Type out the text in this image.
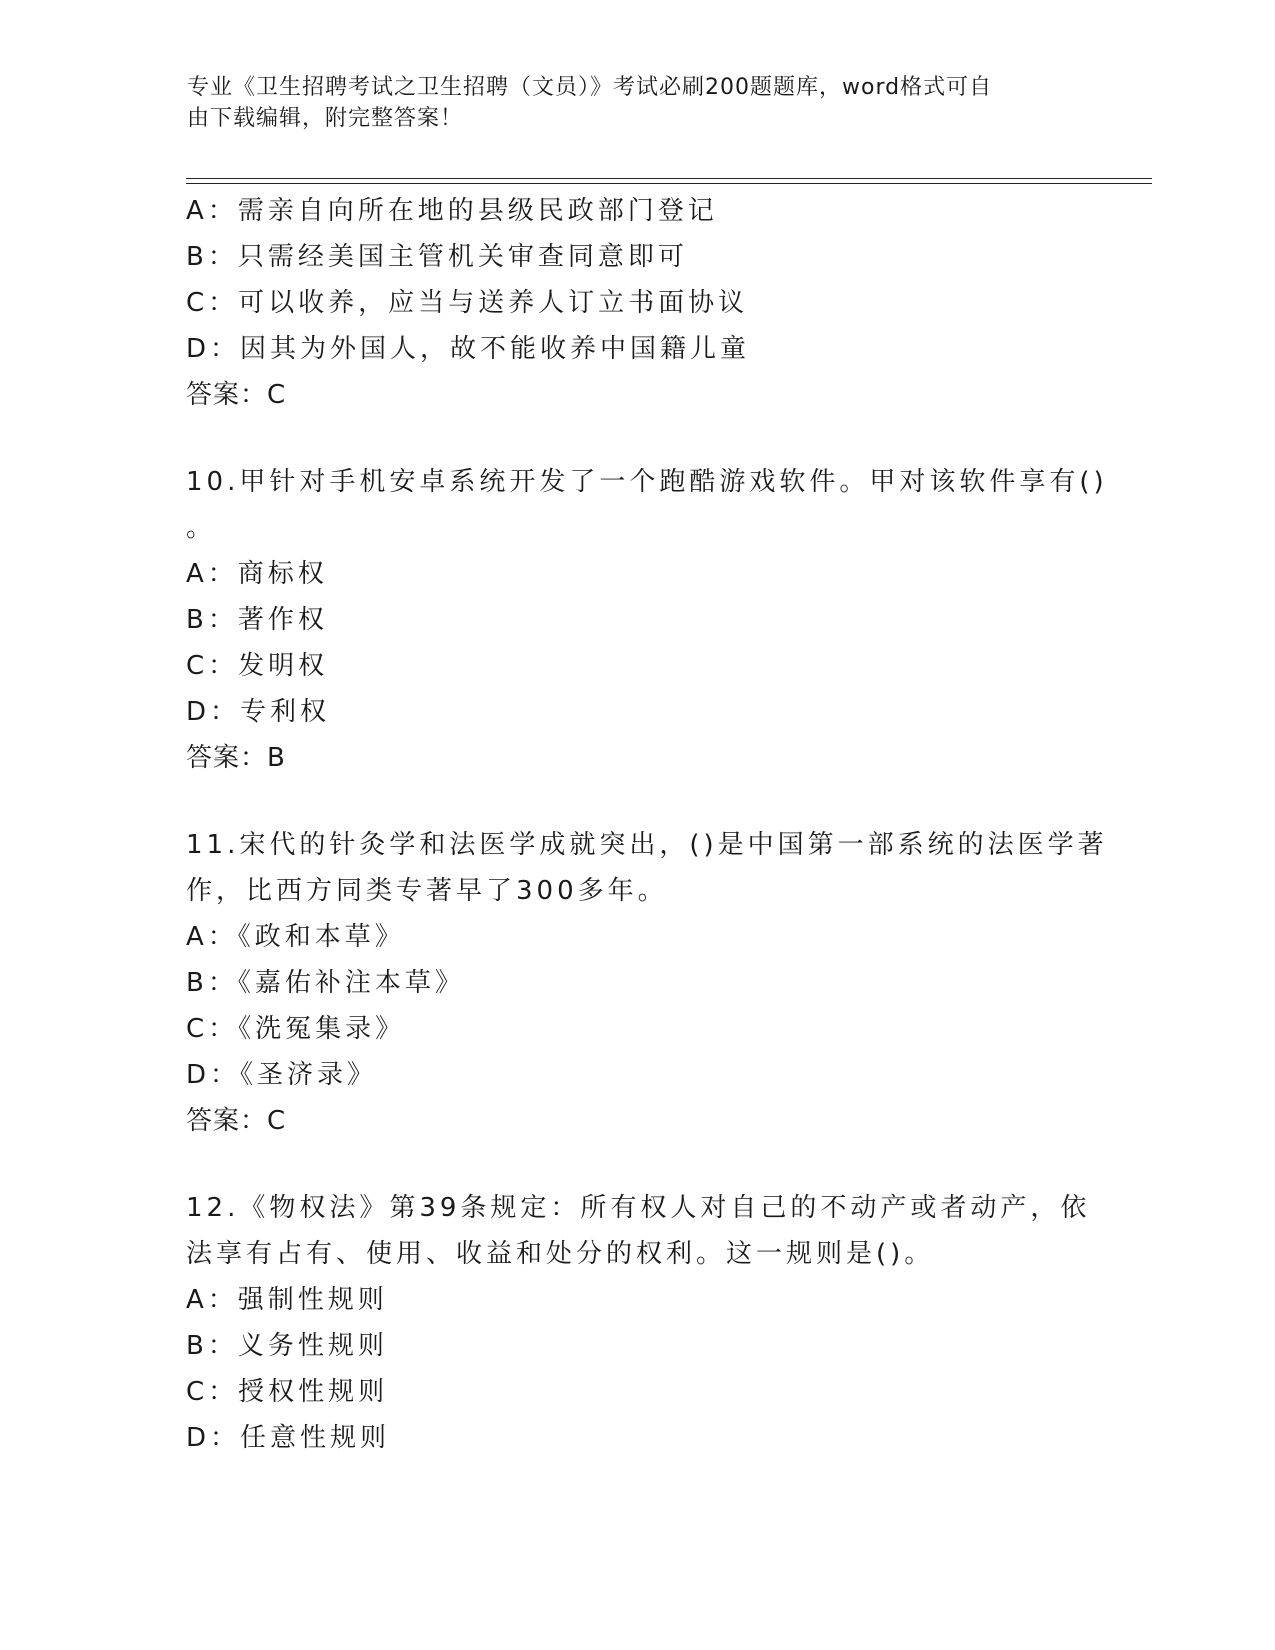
专业《卫生招聘考试之卫生招聘（文员）》考试必刷200题题库，word格式可自
由下载编辑，附完整答案！
A：需亲自向所在地的县级民政部门登记
B：只需经美国主管机关审查同意即可
C：可以收养，应当与送养人订立书面协议
D：因其为外国人，故不能收养中国籍儿童
答案：C
10.甲针对手机安卓系统开发了一个跑酷游戏软件。甲对该软件享有()
。
A：商标权
B：著作权
C：发明权
D：专利权
答案：B
11.宋代的针灸学和法医学成就突出，()是中国第一部系统的法医学著
作，比西方同类专著早了300多年。
A：《政和本草》
B：《嘉佑补注本草》
C：《洗冤集录》
D：《圣济录》
答案：C
12.《物权法》第39条规定：所有权人对自己的不动产或者动产，依
法享有占有、使用、收益和处分的权利。这一规则是()。
A：强制性规则
B：义务性规则
C：授权性规则
D：任意性规则
